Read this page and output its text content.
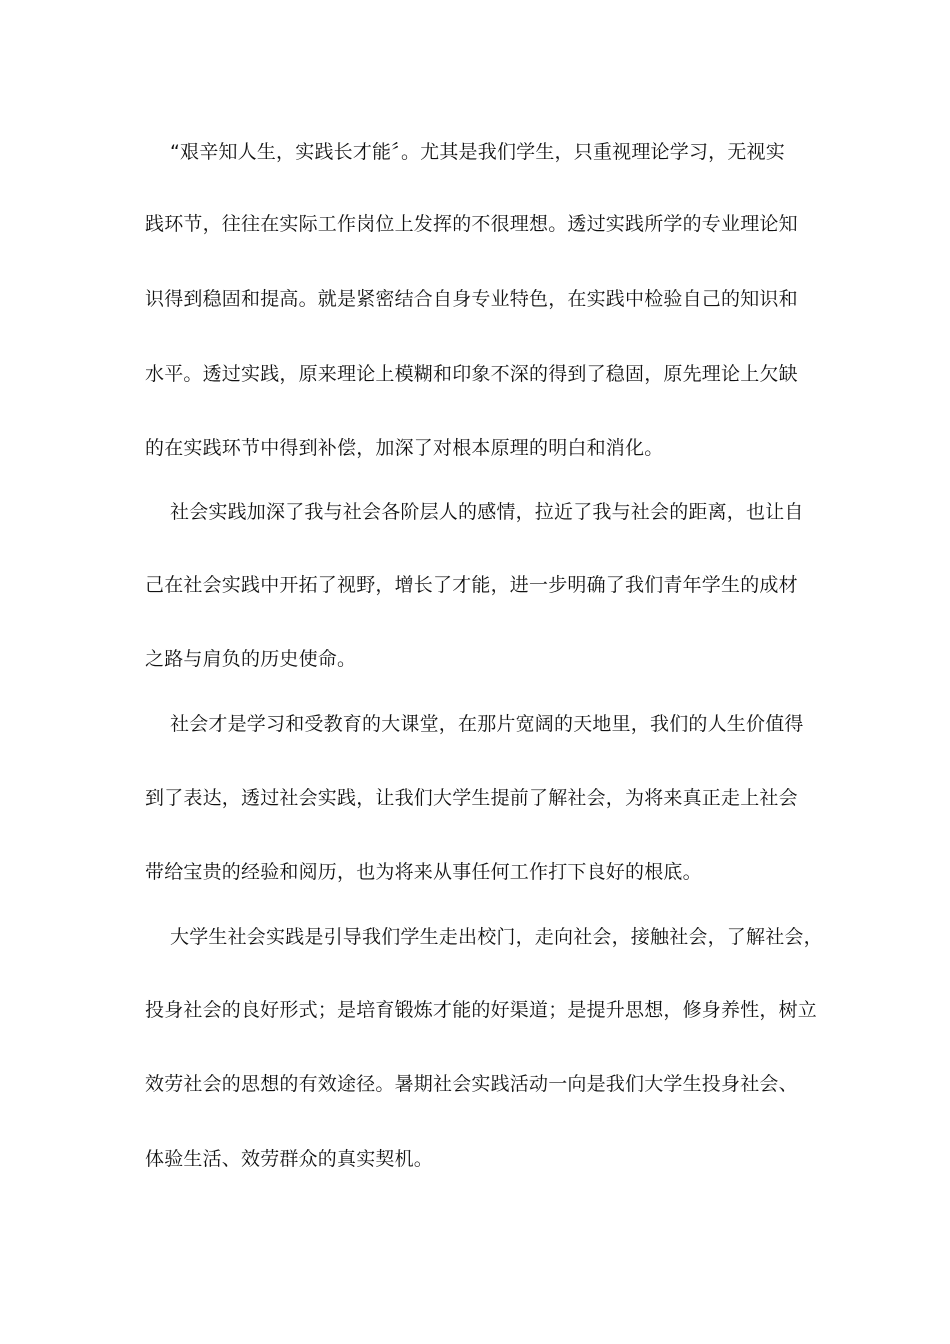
“艰辛知人生，实践长才能〞。尤其是我们学生，只重视理论学习，无视实
践环节，往往在实际工作岗位上发挥的不很理想。透过实践所学的专业理论知
识得到稳固和提高。就是紧密结合自身专业特色，在实践中检验自己的知识和
水平。透过实践，原来理论上模糊和印象不深的得到了稳固，原先理论上欠缺
的在实践环节中得到补偿，加深了对根本原理的明白和消化。
社会实践加深了我与社会各阶层人的感情，拉近了我与社会的距离，也让自
己在社会实践中开拓了视野，增长了才能，进一步明确了我们青年学生的成材
之路与肩负的历史使命。
社会才是学习和受教育的大课堂，在那片宽阔的天地里，我们的人生价值得
到了表达，透过社会实践，让我们大学生提前了解社会，为将来真正走上社会
带给宝贵的经验和阅历，也为将来从事任何工作打下良好的根底。
大学生社会实践是引导我们学生走出校门，走向社会，接触社会，了解社会，
投身社会的良好形式；是培育锻炼才能的好渠道；是提升思想，修身养性，树立
效劳社会的思想的有效途径。暑期社会实践活动一向是我们大学生投身社会、
体验生活、效劳群众的真实契机。
